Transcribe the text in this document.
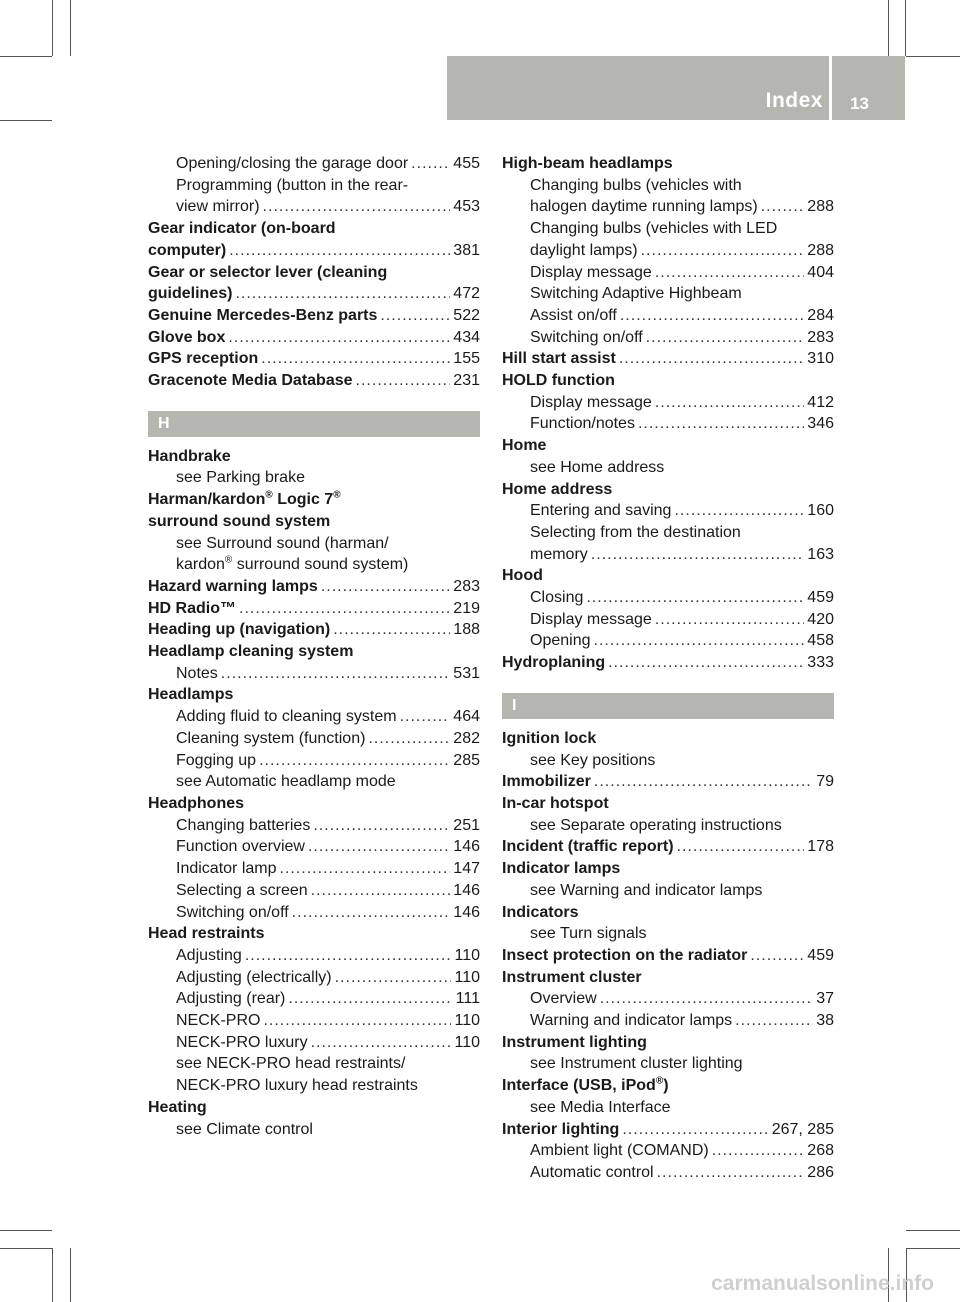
Index 13
Opening/closing the garage door .....	455
Programming (button in the rear-
view mirror) .....	453
Gear indicator (on-board
computer) .....	381
Gear or selector lever (cleaning
guidelines) .....	472
Genuine Mercedes-Benz parts .....	522
Glove box .....	434
GPS reception .....	155
Gracenote Media Database .....	231
H
Handbrake
see Parking brake
Harman/kardon® Logic 7®
surround sound system
see Surround sound (harman/
kardon® surround sound system)
Hazard warning lamps .....	283
HD Radio™ .....	219
Heading up (navigation) .....	188
Headlamp cleaning system
Notes .....	531
Headlamps
Adding fluid to cleaning system .....	464
Cleaning system (function) .....	282
Fogging up .....	285
see Automatic headlamp mode
Headphones
Changing batteries .....	251
Function overview .....	146
Indicator lamp .....	147
Selecting a screen .....	146
Switching on/off .....	146
Head restraints
Adjusting .....	110
Adjusting (electrically) .....	110
Adjusting (rear) .....	111
NECK-PRO .....	110
NECK-PRO luxury .....	110
see NECK-PRO head restraints/
NECK-PRO luxury head restraints
Heating
see Climate control
High-beam headlamps
Changing bulbs (vehicles with
halogen daytime running lamps) .....	288
Changing bulbs (vehicles with LED
daylight lamps) .....	288
Display message .....	404
Switching Adaptive Highbeam
Assist on/off .....	284
Switching on/off .....	283
Hill start assist .....	310
HOLD function
Display message .....	412
Function/notes .....	346
Home
see Home address
Home address
Entering and saving .....	160
Selecting from the destination
memory .....	163
Hood
Closing .....	459
Display message .....	420
Opening .....	458
Hydroplaning .....	333
I
Ignition lock
see Key positions
Immobilizer .....	79
In-car hotspot
see Separate operating instructions
Incident (traffic report) .....	178
Indicator lamps
see Warning and indicator lamps
Indicators
see Turn signals
Insect protection on the radiator .....	459
Instrument cluster
Overview .....	37
Warning and indicator lamps .....	38
Instrument lighting
see Instrument cluster lighting
Interface (USB, iPod®)
see Media Interface
Interior lighting .....	267, 285
Ambient light (COMAND) .....	268
Automatic control .....	286
carmanualsonline.info
